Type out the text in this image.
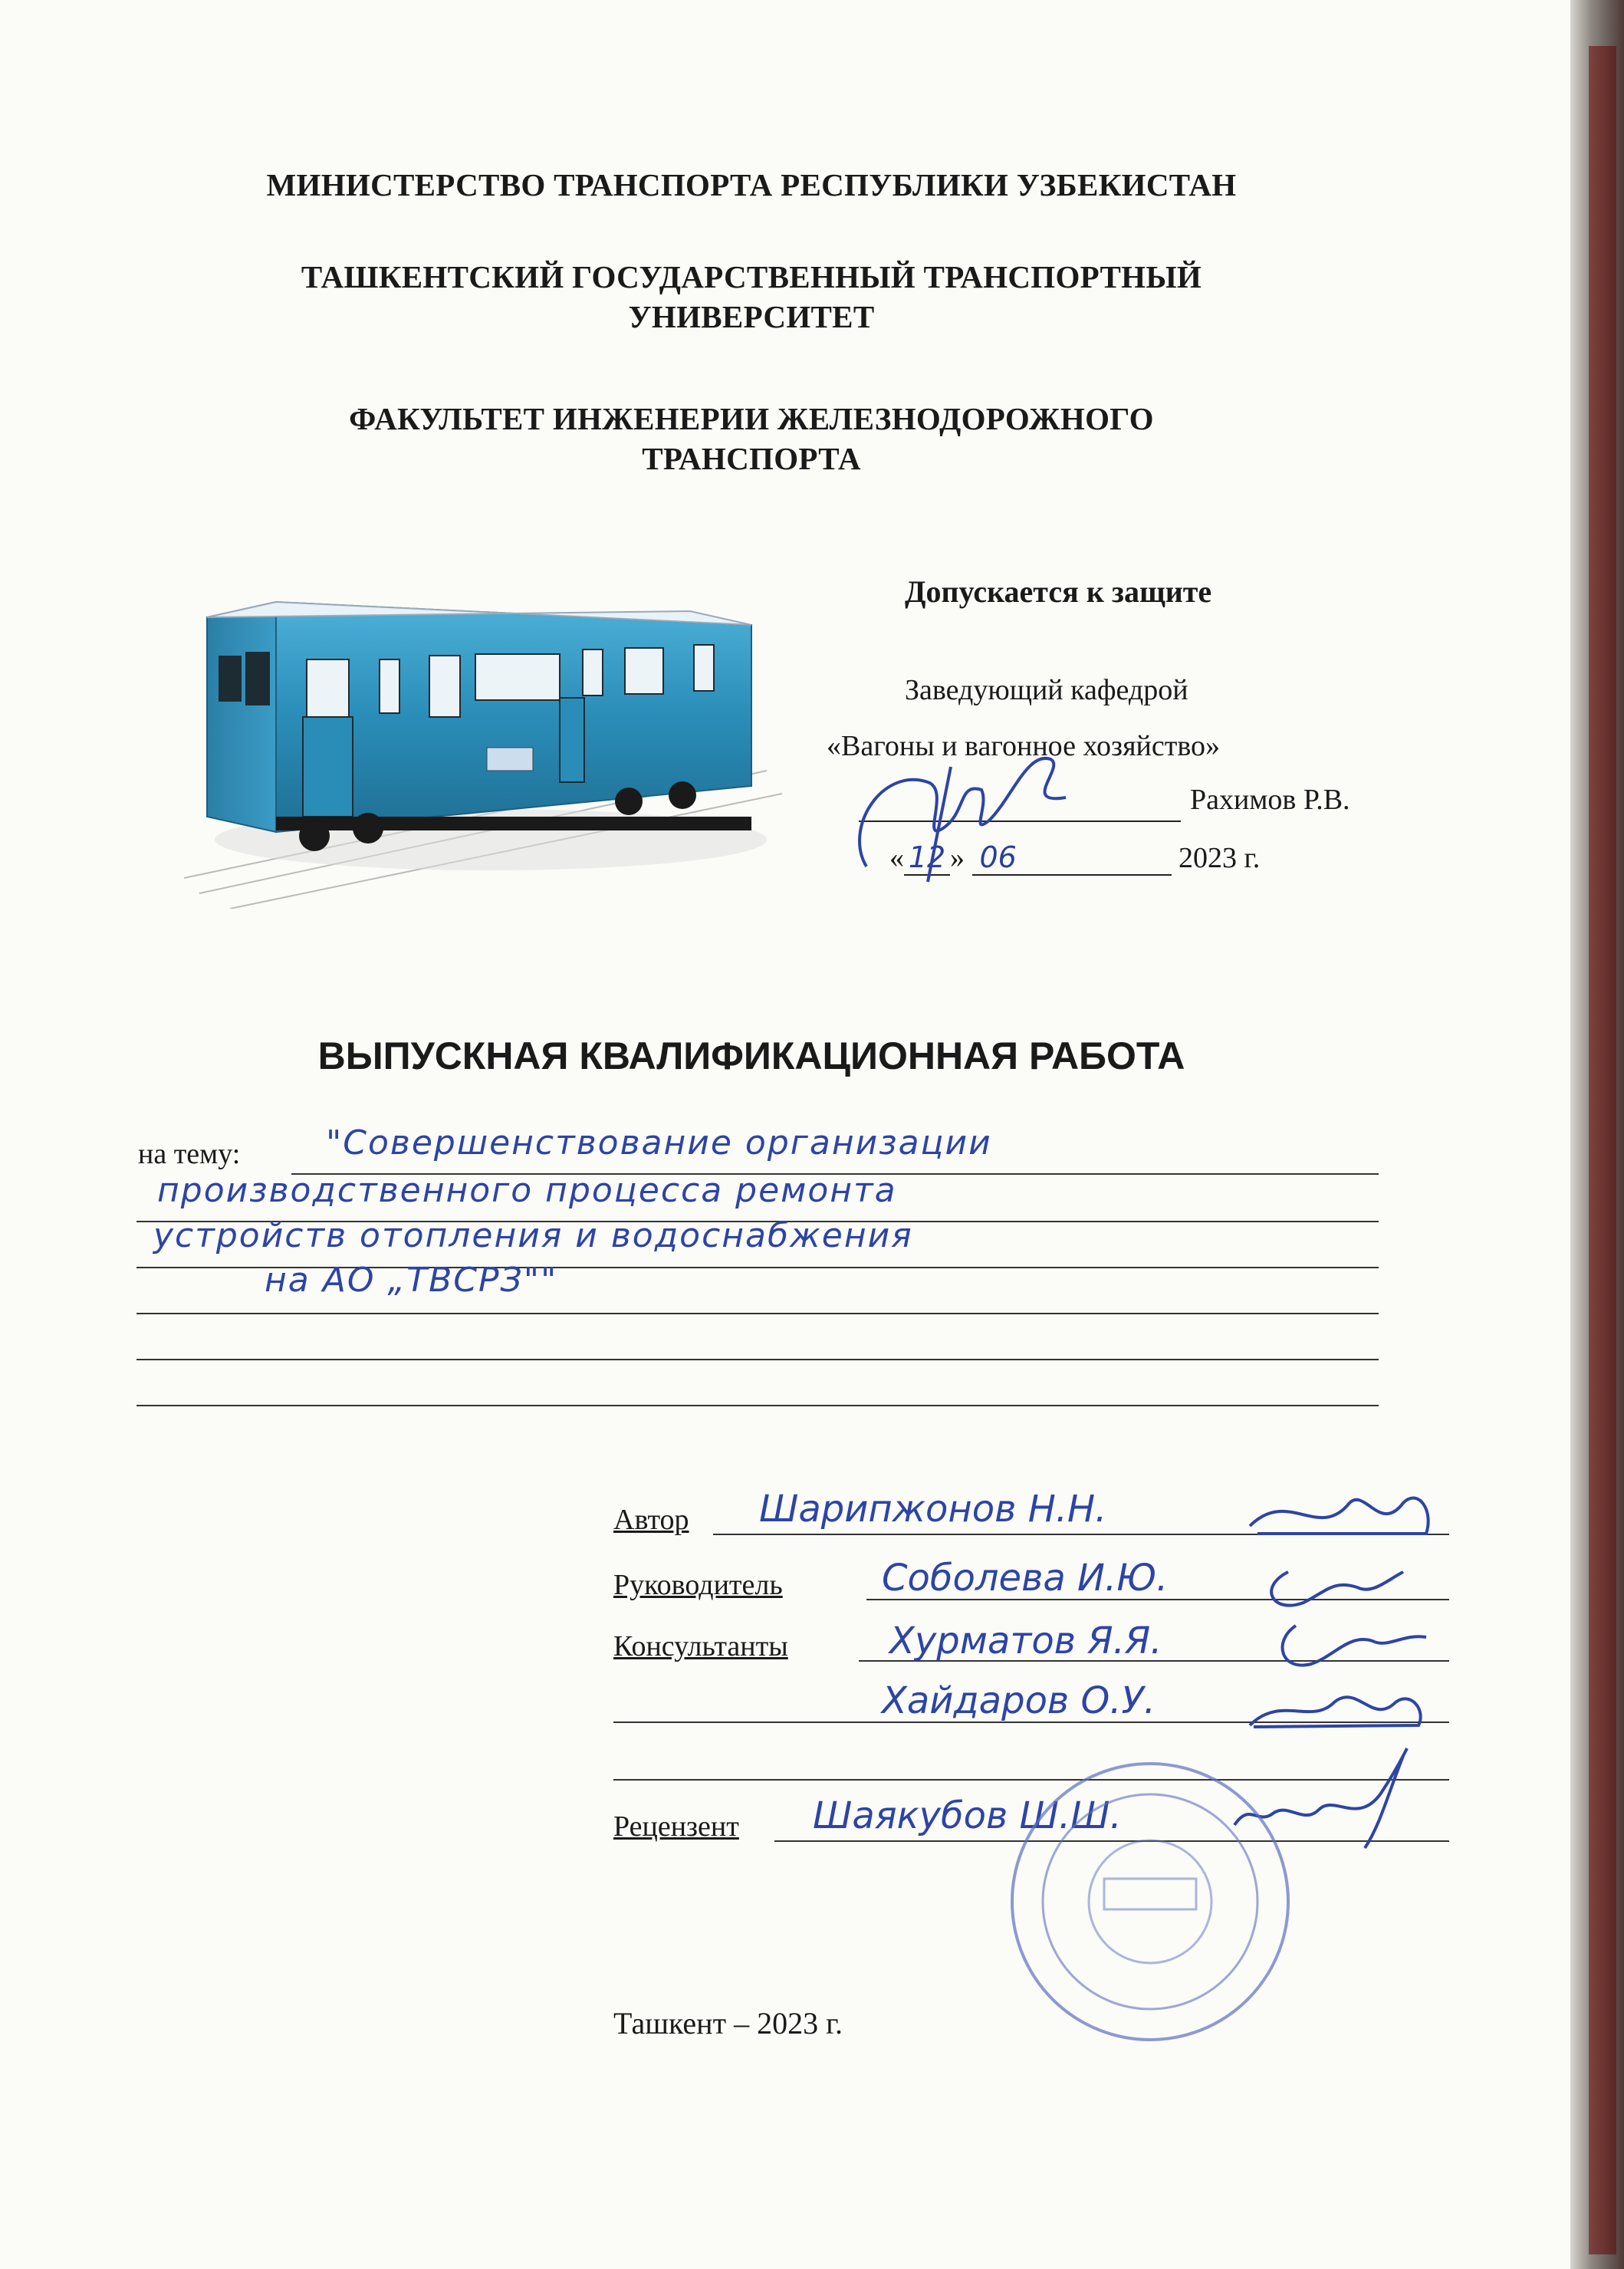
МИНИСТЕРСТВО ТРАНСПОРТА РЕСПУБЛИКИ УЗБЕКИСТАН
ТАШКЕНТСКИЙ ГОСУДАРСТВЕННЫЙ ТРАНСПОРТНЫЙ
УНИВЕРСИТЕТ
ФАКУЛЬТЕТ ИНЖЕНЕРИИ ЖЕЛЕЗНОДОРОЖНОГО
ТРАНСПОРТА
Допускается к защите
Заведующий кафедрой
«Вагоны и вагонное хозяйство»
Рахимов Р.В.
« 12 » 06	2023 г.
ВЫПУСКНАЯ КВАЛИФИКАЦИОННАЯ РАБОТА
на тему:	"Совершенствование организации
производственного процесса ремонта
устройств отопления и водоснабжения
на АО „ТВСРЗ""
Автор Шарипжонов Н.Н.
Руководитель	Соболева И.Ю.
Консультанты	Хурматов Я.Я.
Хайдаров О.У.
Рецензент Шаякубов Ш.Ш.
Ташкент – 2023 г.
